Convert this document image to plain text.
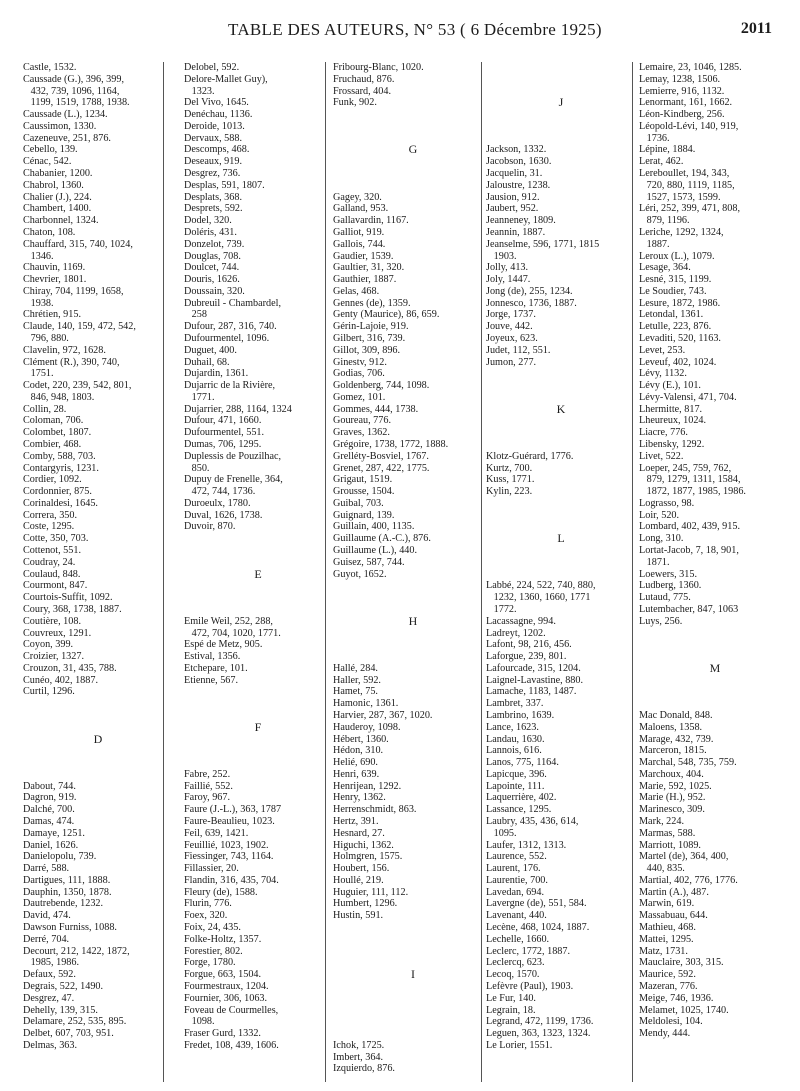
TABLE DES AUTEURS, N° 53 ( 6 Décembre 1925)	2011
Castle, 1532.
Caussade (G.), 396, 399,
432, 739, 1096, 1164,
1199, 1519, 1788, 1938.
Caussade (L.), 1234.
Caussimon, 1330.
Cazeneuve, 251, 876.
Cebello, 139.
Cénac, 542.
Chabanier, 1200.
Chabrol, 1360.
Chalier (J.), 224.
Chambert, 1400.
Charbonnel, 1324.
Chaton, 108.
Chauffard, 315, 740, 1024,
1346.
Chauvin, 1169.
Chevrier, 1801.
Chiray, 704, 1199, 1658,
1938.
Chrétien, 915.
Claude, 140, 159, 472, 542,
796, 880.
Clavelin, 972, 1628.
Clément (R.), 390, 740,
1751.
Codet, 220, 239, 542, 801,
846, 948, 1803.
Collin, 28.
Coloman, 706.
Colombet, 1807.
Combier, 468.
Comby, 588, 703.
Contargyris, 1231.
Cordier, 1092.
Cordonnier, 875.
Corinaldesi, 1645.
Correra, 350.
Coste, 1295.
Cotte, 350, 703.
Cottenot, 551.
Coudray, 24.
Coulaud, 848.
Courmont, 847.
Courtois-Suffit, 1092.
Coury, 368, 1738, 1887.
Coutière, 108.
Couvreux, 1291.
Coyon, 399.
Croizier, 1327.
Crouzon, 31, 435, 788.
Cunéo, 402, 1887.
Curtil, 1296.

D

Dabout, 744.
Dagron, 919.
Dalché, 700.
Damas, 474.
Damaye, 1251.
Daniel, 1626.
Danielopolu, 739.
Darré, 588.
Dartigues, 111, 1888.
Dauphin, 1350, 1878.
Dautrebende, 1232.
David, 474.
Dawson Furniss, 1088.
Derré, 704.
Decourt, 212, 1422, 1872,
1985, 1986.
Defaux, 592.
Degrais, 522, 1490.
Desgrez, 47.
Dehelly, 139, 315.
Delamare, 252, 535, 895.
Delbet, 607, 703, 951.
Delmas, 363.
Delobel, 592.
Delore-Mallet Guy),
1323.
Del Vivo, 1645.
Denéchau, 1136.
Deroide, 1013.
Dervaux, 588.
Descomps, 468.
Deseaux, 919.
Desgrez, 736.
Desplas, 591, 1807.
Desplats, 368.
Desprets, 592.
Dodel, 320.
Doléris, 431.
Donzelot, 739.
Douglas, 708.
Doulcet, 744.
Douris, 1626.
Doussain, 320.
Dubreuil - Chambardel,
258
Dufour, 287, 316, 740.
Dufourmentel, 1096.
Duguet, 400.
Duhail, 68.
Dujardin, 1361.
Dujarric de la Rivière,
1771.
Dujarrier, 288, 1164, 1324
Dufour, 471, 1660.
Dufourmentel, 551.
Dumas, 706, 1295.
Duplessis de Pouzilhac,
850.
Dupuy de Frenelle, 364,
472, 744, 1736.
Duroeulx, 1780.
Duval, 1626, 1738.
Duvoir, 870.

E

Emile Weil, 252, 288,
472, 704, 1020, 1771.
Espé de Metz, 905.
Estival, 1356.
Etchepare, 101.
Etienne, 567.

F

Fabre, 252.
Faillié, 552.
Faroy, 967.
Faure (J.-L.), 363, 1787
Faure-Beaulieu, 1023.
Feil, 639, 1421.
Feuillié, 1023, 1902.
Fiessinger, 743, 1164.
Fillassier, 20.
Flandin, 316, 435, 704.
Fleury (de), 1588.
Flurin, 776.
Foex, 320.
Foix, 24, 435.
Folke-Holtz, 1357.
Forestier, 802.
Forge, 1780.
Forgue, 663, 1504.
Fourmestraux, 1204.
Fournier, 306, 1063.
Foveau de Courmelles,
1098.
Fraser Gurd, 1332.
Fredet, 108, 439, 1606.
Fribourg-Blanc, 1020.
Fruchaud, 876.
Frossard, 404.
Funk, 902.

G

Gagey, 320.
Galland, 953.
Gallavardin, 1167.
Galliot, 919.
Gallois, 744.
Gaudier, 1539.
Gaultier, 31, 320.
Gauthier, 1887.
Gelas, 468.
Gennes (de), 1359.
Genty (Maurice), 86, 659.
Gérin-Lajoie, 919.
Gilbert, 316, 739.
Gillot, 309, 896.
Ginestv, 912.
Godias, 706.
Goldenberg, 744, 1098.
Gomez, 101.
Gommes, 444, 1738.
Goureau, 776.
Graves, 1362.
Grégoire, 1738, 1772, 1888.
Grelléty-Bosviel, 1767.
Grenet, 287, 422, 1775.
Grigaut, 1519.
Grousse, 1504.
Guibal, 703.
Guignard, 139.
Guillain, 400, 1135.
Guillaume (A.-C.), 876.
Guillaume (L.), 440.
Guisez, 587, 744.
Guyot, 1652.

H

Hallé, 284.
Haller, 592.
Hamet, 75.
Hamonic, 1361.
Harvier, 287, 367, 1020.
Hauderoy, 1098.
Hébert, 1360.
Hédon, 310.
Helié, 690.
Henri, 639.
Henrijean, 1292.
Henry, 1362.
Herrenschmidt, 863.
Hertz, 391.
Hesnard, 27.
Higuchi, 1362.
Holmgren, 1575.
Houbert, 156.
Houllé, 219.
Huguier, 111, 112.
Humbert, 1296.
Hustin, 591.

I

Ichok, 1725.
Imbert, 364.
Izquierdo, 876.

J

Jackson, 1332.
Jacobson, 1630.
Jacquelin, 31.
Jaloustre, 1238.
Jausion, 912.
Jaubert, 952.
Jeanneney, 1809.
Jeannin, 1887.
Jeanselme, 596, 1771, 1815
1903.
Jolly, 413.
Joly, 1447.
Jong (de), 255, 1234.
Jonnesco, 1736, 1887.
Jorge, 1737.
Jouve, 442.
Joyeux, 623.
Judet, 112, 551.
Jumon, 277.

K

Klotz-Guérard, 1776.
Kurtz, 700.
Kuss, 1771.
Kylin, 223.

L

Labbé, 224, 522, 740, 880,
1232, 1360, 1660, 1771
1772.
Lacassagne, 994.
Ladreyt, 1202.
Lafont, 98, 216, 456.
Laforgue, 239, 801.
Lafourcade, 315, 1204.
Laignel-Lavastine, 880.
Lamache, 1183, 1487.
Lambret, 337.
Lambrino, 1639.
Lance, 1623.
Landau, 1630.
Lannois, 616.
Lanos, 775, 1164.
Lapicque, 396.
Lapointe, 111.
Laquerrière, 402.
Lassance, 1295.
Laubry, 435, 436, 614,
1095.
Laufer, 1312, 1313.
Laurence, 552.
Laurent, 176.
Laurentie, 700.
Lavedan, 694.
Lavergne (de), 551, 584.
Lavenant, 440.
Lecène, 468, 1024, 1887.
Lechelle, 1660.
Leclerc, 1772, 1887.
Leclercq, 623.
Lecoq, 1570.
Lefèvre (Paul), 1903.
Le Fur, 140.
Legrain, 18.
Legrand, 472, 1199, 1736.
Leguen, 363, 1323, 1324.
Le Lorier, 1551.
Lemaire, 23, 1046, 1285.
Lemay, 1238, 1506.
Lemierre, 916, 1132.
Lenormant, 161, 1662.
Léon-Kindberg, 256.
Léopold-Lévi, 140, 919,
1736.
Lépine, 1884.
Lerat, 462.
Lereboullet, 194, 343,
720, 880, 1119, 1185,
1527, 1573, 1599.
Léri, 252, 399, 471, 808,
879, 1196.
Leriche, 1292, 1324,
1887.
Leroux (L.), 1079.
Lesage, 364.
Lesné, 315, 1199.
Le Soudier, 743.
Lesure, 1872, 1986.
Letondal, 1361.
Letulle, 223, 876.
Levaditi, 520, 1163.
Levet, 253.
Leveuf, 402, 1024.
Lévy, 1132.
Lévy (E.), 101.
Lévy-Valensi, 471, 704.
Lhermitte, 817.
Lheureux, 1024.
Liacre, 776.
Libensky, 1292.
Livet, 522.
Loeper, 245, 759, 762,
879, 1279, 1311, 1584,
1872, 1877, 1985, 1986.
Lograsso, 98.
Loir, 520.
Lombard, 402, 439, 915.
Long, 310.
Lortat-Jacob, 7, 18, 901,
1871.
Loewers, 315.
Ludberg, 1360.
Lutaud, 775.
Lutembacher, 847, 1063
Luys, 256.

M

Mac Donald, 848.
Maloens, 1358.
Marage, 432, 739.
Marceron, 1815.
Marchal, 548, 735, 759.
Marchoux, 404.
Marie, 592, 1025.
Marie (H.), 952.
Marinesco, 309.
Mark, 224.
Marmas, 588.
Marriott, 1089.
Martel (de), 364, 400,
440, 835.
Martial, 402, 776, 1776.
Martin (A.), 487.
Marwin, 619.
Massabuau, 644.
Mathieu, 468.
Mattei, 1295.
Matz, 1731.
Mauclaire, 303, 315.
Maurice, 592.
Mazeran, 776.
Meige, 746, 1936.
Melamet, 1025, 1740.
Meldolesi, 104.
Mendy, 444.
